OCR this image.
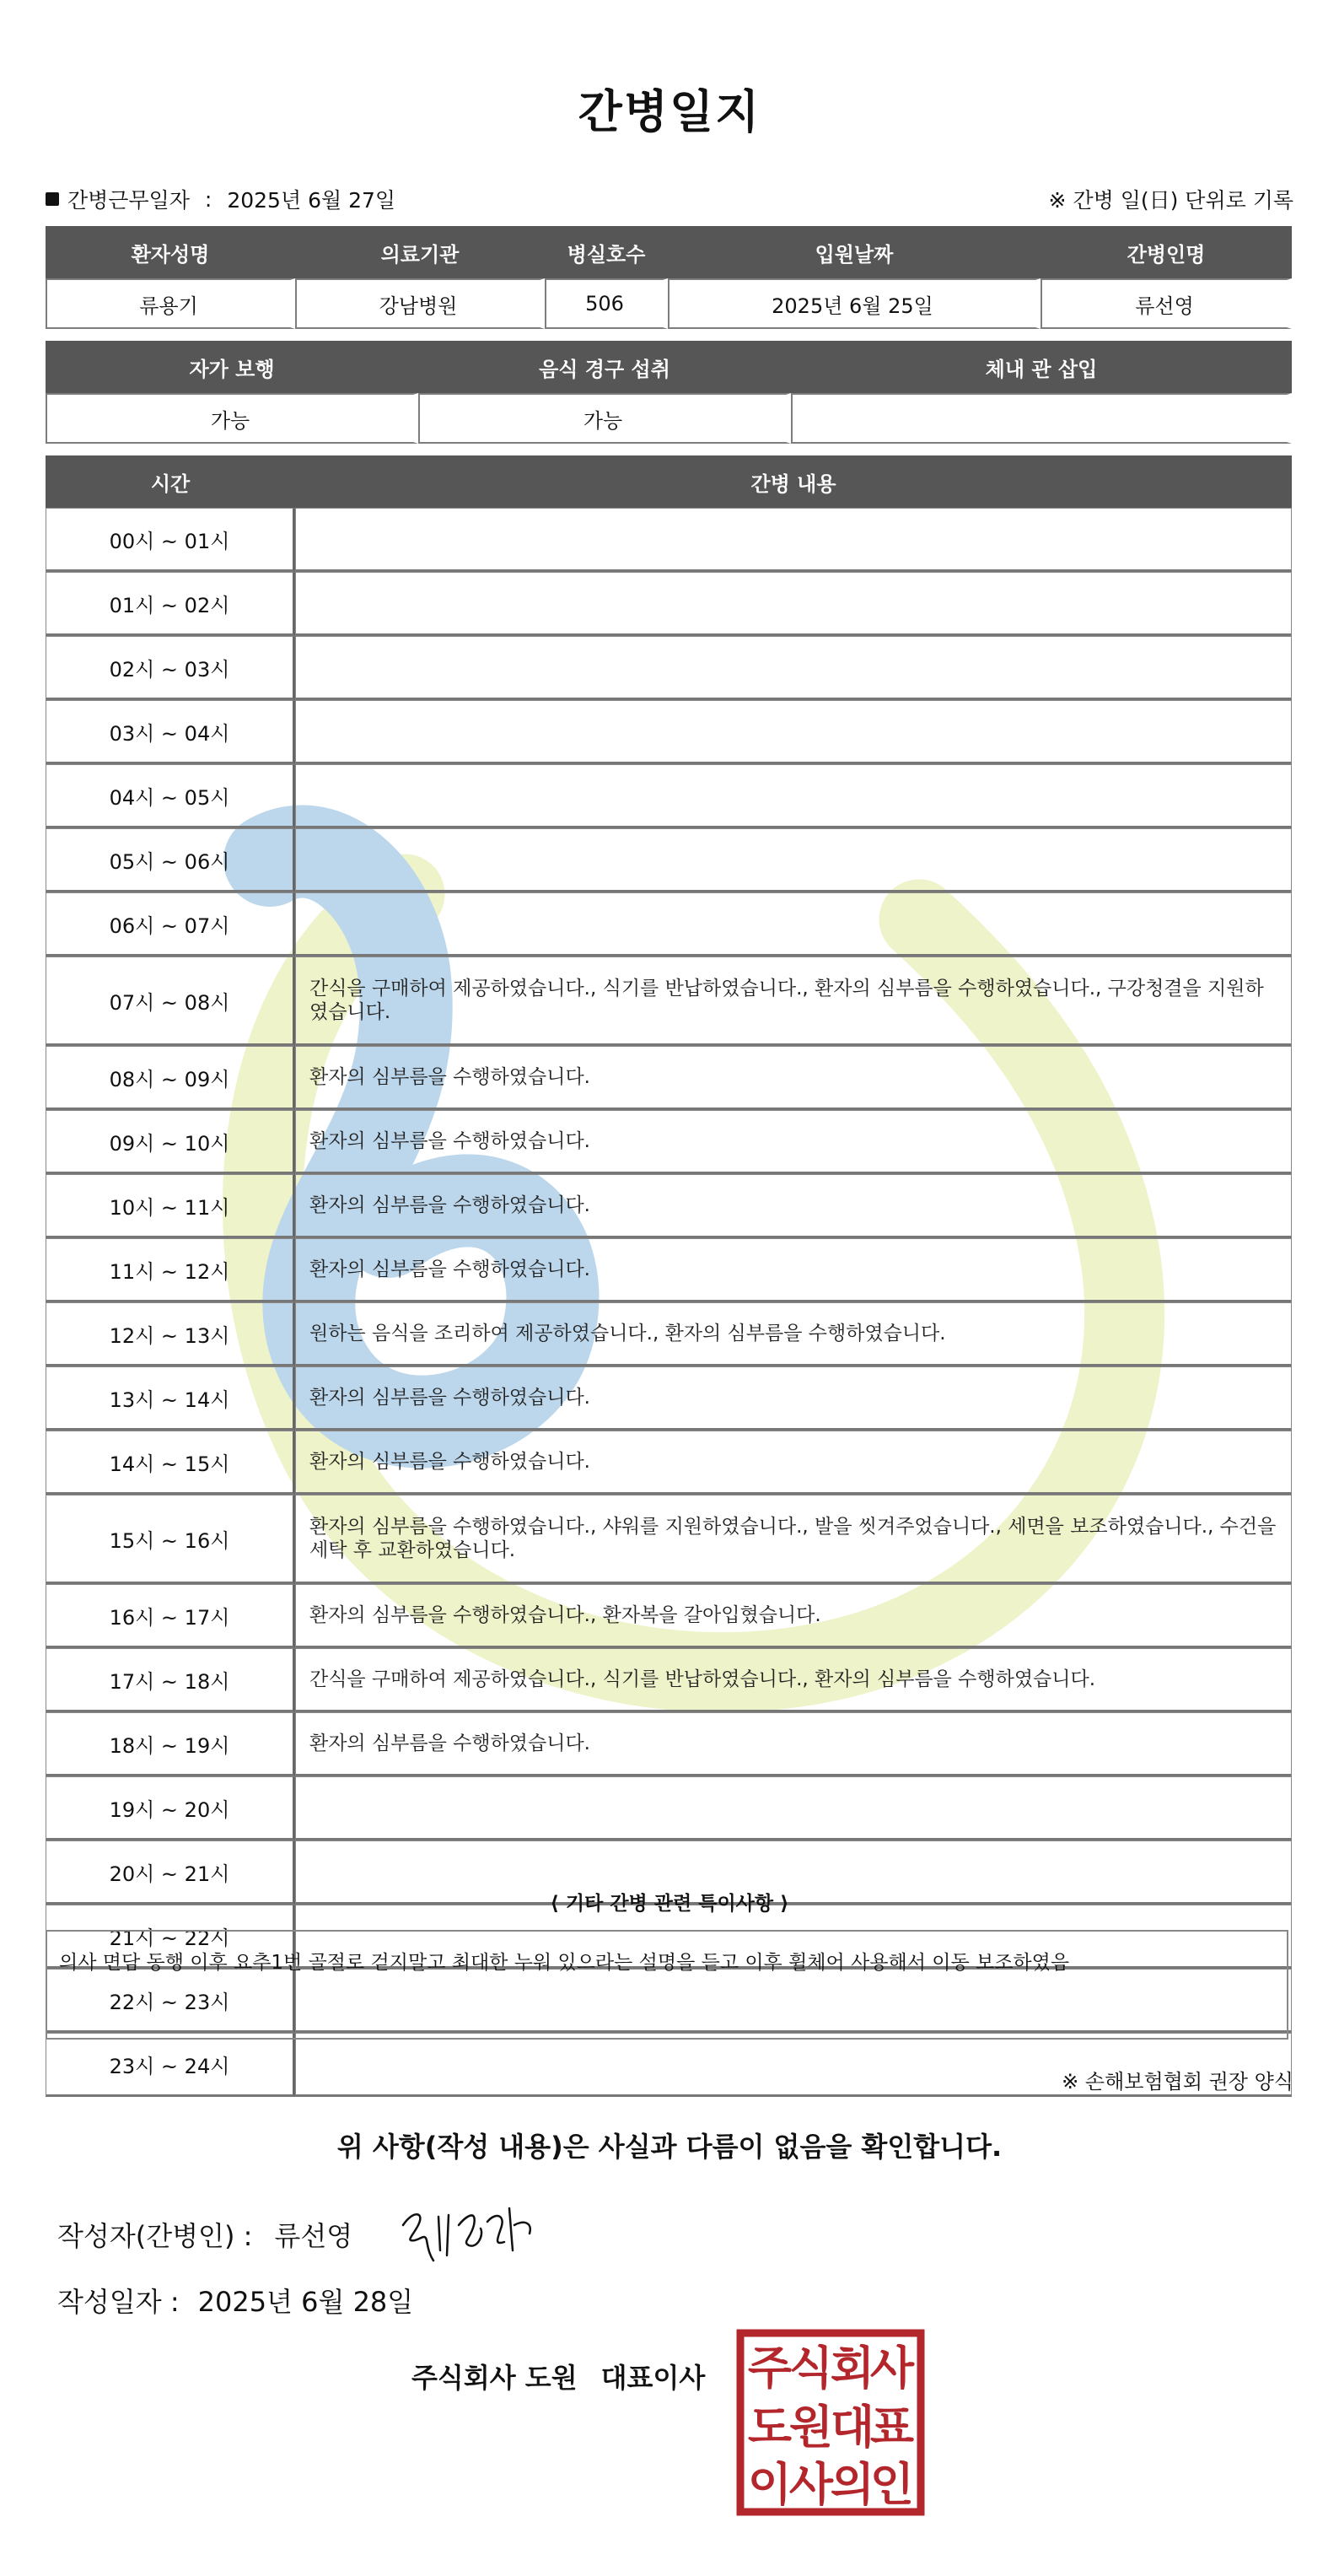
간병일지
간병근무일자 : 2025년 6월 27일	※ 간병 일(日) 단위로 기록
환자성명	의료기관	병실호수	입원날짜	간병인명
류용기	강남병원	506	2025년 6월 25일	류선영
자가 보행	음식 경구 섭취	체내 관 삽입
가능	가능	
시간	간병 내용
00시 ~ 01시	
01시 ~ 02시	
02시 ~ 03시	
03시 ~ 04시	
04시 ~ 05시	
05시 ~ 06시	
06시 ~ 07시	
07시 ~ 08시	간식을 구매하여 제공하였습니다., 식기를 반납하였습니다., 환자의 심부름을 수행하였습니다., 구강청결을 지원하였습니다.
08시 ~ 09시	환자의 심부름을 수행하였습니다.
09시 ~ 10시	환자의 심부름을 수행하였습니다.
10시 ~ 11시	환자의 심부름을 수행하였습니다.
11시 ~ 12시	환자의 심부름을 수행하였습니다.
12시 ~ 13시	원하는 음식을 조리하여 제공하였습니다., 환자의 심부름을 수행하였습니다.
13시 ~ 14시	환자의 심부름을 수행하였습니다.
14시 ~ 15시	환자의 심부름을 수행하였습니다.
15시 ~ 16시	환자의 심부름을 수행하였습니다., 샤워를 지원하였습니다., 발을 씻겨주었습니다., 세면을 보조하였습니다., 수건을 세탁 후 교환하였습니다.
16시 ~ 17시	환자의 심부름을 수행하였습니다., 환자복을 갈아입혔습니다.
17시 ~ 18시	간식을 구매하여 제공하였습니다., 식기를 반납하였습니다., 환자의 심부름을 수행하였습니다.
18시 ~ 19시	환자의 심부름을 수행하였습니다.
19시 ~ 20시	
20시 ~ 21시	
21시 ~ 22시	
22시 ~ 23시	
23시 ~ 24시	
⟨ 기타 간병 관련 특이사항 ⟩
의사 면담 동행 이후 요추1번 골절로 걷지말고 최대한 누워 있으라는 설명을 듣고 이후 휠체어 사용해서 이동 보조하였음
※ 손해보험협회 권장 양식
위 사항(작성 내용)은 사실과 다름이 없음을 확인합니다.
작성자(간병인) : 류선영
작성일자 : 2025년 6월 28일
주식회사 도원 대표이사 주
식
회
사
도
원
대
표
이
사
의
인
